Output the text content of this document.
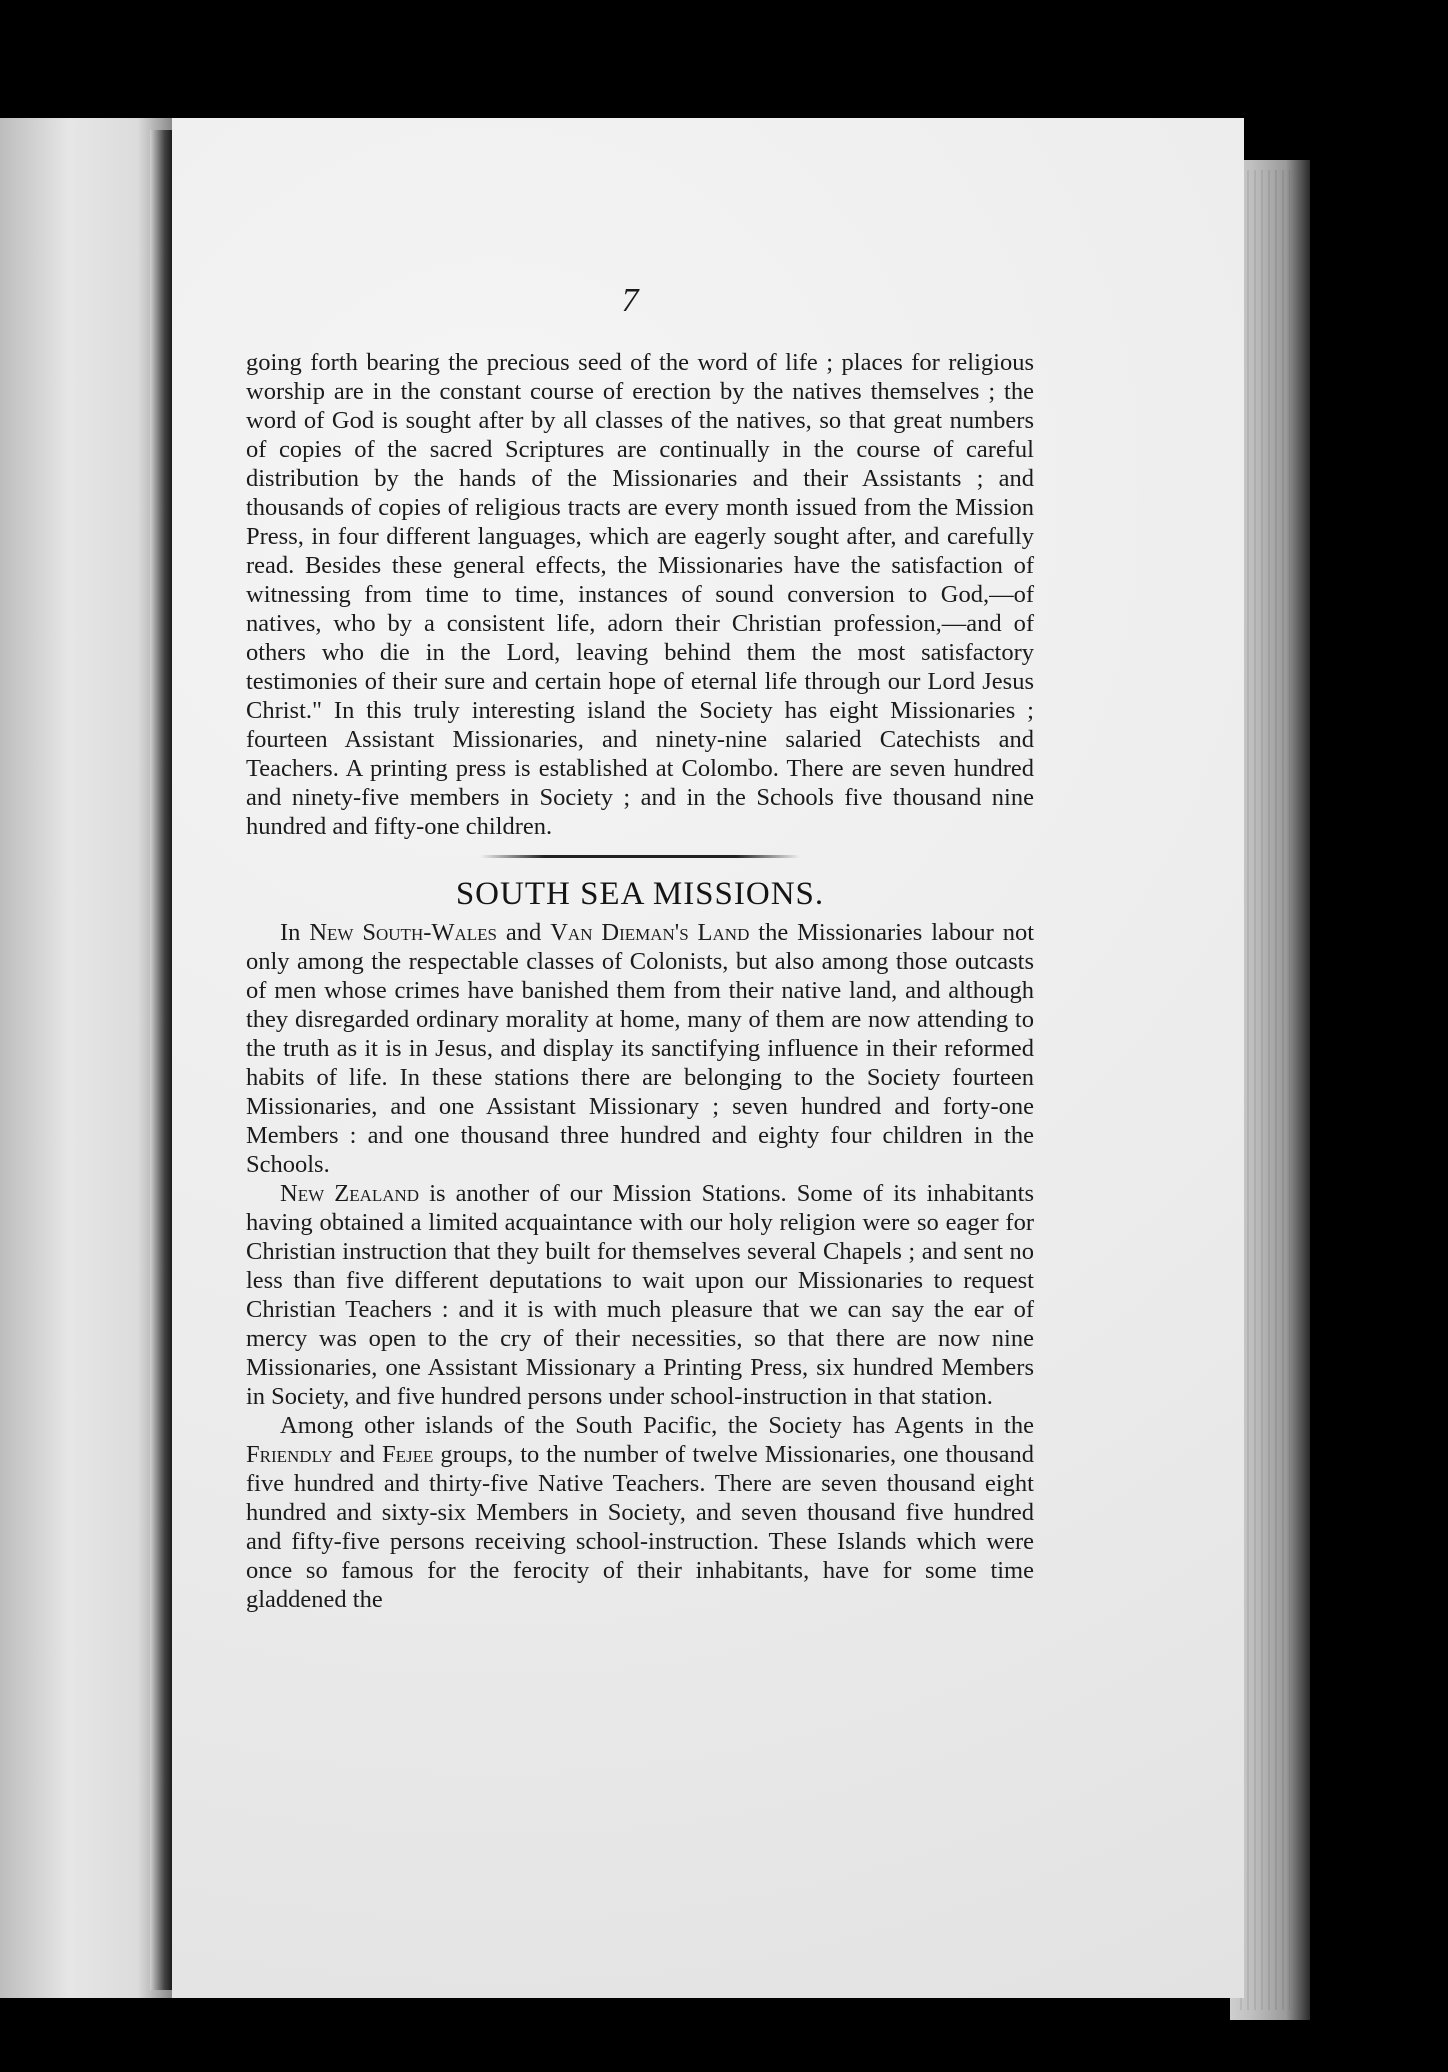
7

going forth bearing the precious seed of the word of life ; places for religious worship are in the constant course of erection by the natives themselves ; the word of God is sought after by all classes of the natives, so that great numbers of copies of the sacred Scriptures are continually in the course of careful distribution by the hands of the Missionaries and their Assistants ; and thousands of copies of religious tracts are every month issued from the Mission Press, in four different languages, which are eagerly sought after, and carefully read. Besides these general effects, the Missionaries have the satisfaction of witnessing from time to time, instances of sound conversion to God,—of natives, who by a consistent life, adorn their Christian profession,—and of others who die in the Lord, leaving behind them the most satisfactory testimonies of their sure and certain hope of eternal life through our Lord Jesus Christ." In this truly interesting island the Society has eight Missionaries ; fourteen Assistant Missionaries, and ninety-nine salaried Catechists and Teachers. A printing press is established at Colombo. There are seven hundred and ninety-five members in Society ; and in the Schools five thousand nine hundred and fifty-one children.

SOUTH SEA MISSIONS.

In New South-Wales and Van Dieman's Land the Missionaries labour not only among the respectable classes of Colonists, but also among those outcasts of men whose crimes have banished them from their native land, and although they disregarded ordinary morality at home, many of them are now attending to the truth as it is in Jesus, and display its sanctifying influence in their reformed habits of life. In these stations there are belonging to the Society fourteen Missionaries, and one Assistant Missionary ; seven hundred and forty-one Members : and one thousand three hundred and eighty four children in the Schools.

New Zealand is another of our Mission Stations. Some of its inhabitants having obtained a limited acquaintance with our holy religion were so eager for Christian instruction that they built for themselves several Chapels ; and sent no less than five different deputations to wait upon our Missionaries to request Christian Teachers : and it is with much pleasure that we can say the ear of mercy was open to the cry of their necessities, so that there are now nine Missionaries, one Assistant Missionary a Printing Press, six hundred Members in Society, and five hundred persons under school-instruction in that station.

Among other islands of the South Pacific, the Society has Agents in the Friendly and Fejee groups, to the number of twelve Missionaries, one thousand five hundred and thirty-five Native Teachers. There are seven thousand eight hundred and sixty-six Members in Society, and seven thousand five hundred and fifty-five persons receiving school-instruction. These Islands which were once so famous for the ferocity of their inhabitants, have for some time gladdened the
